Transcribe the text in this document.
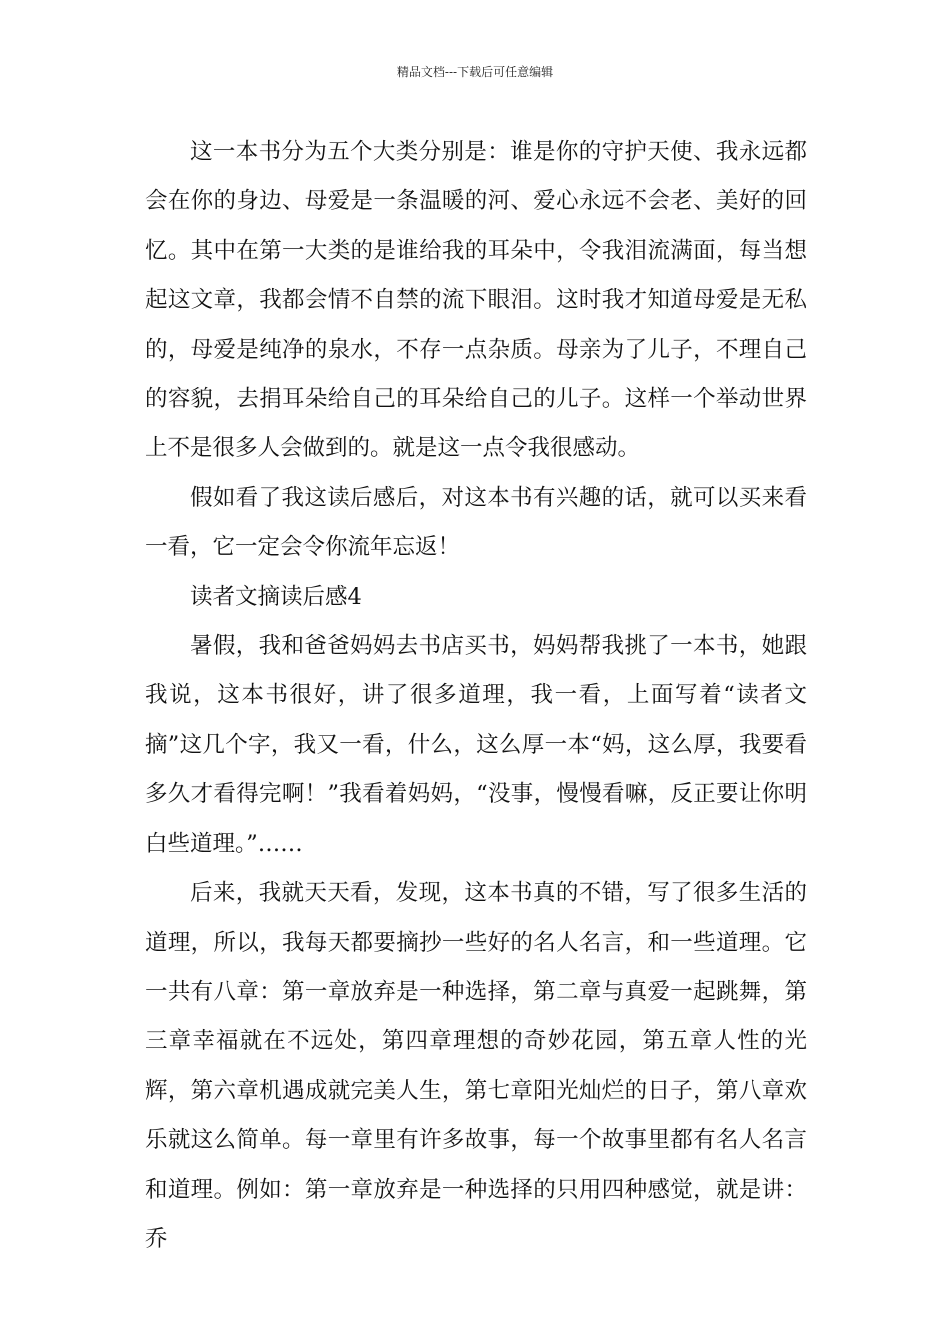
精品文档---下载后可任意编辑

这一本书分为五个大类分别是：谁是你的守护天使、我永远都会在你的身边、母爱是一条温暖的河、爱心永远不会老、美好的回忆。其中在第一大类的是谁给我的耳朵中，令我泪流满面，每当想起这文章，我都会情不自禁的流下眼泪。这时我才知道母爱是无私的，母爱是纯净的泉水，不存一点杂质。母亲为了儿子，不理自己的容貌，去捐耳朵给自己的耳朵给自己的儿子。这样一个举动世界上不是很多人会做到的。就是这一点令我很感动。

假如看了我这读后感后，对这本书有兴趣的话，就可以买来看一看，它一定会令你流年忘返！

读者文摘读后感4

暑假，我和爸爸妈妈去书店买书，妈妈帮我挑了一本书，她跟我说，这本书很好，讲了很多道理，我一看，上面写着“读者文摘”这几个字，我又一看，什么，这么厚一本“妈，这么厚，我要看多久才看得完啊！”我看着妈妈，“没事，慢慢看嘛，反正要让你明白些道理。”……

后来，我就天天看，发现，这本书真的不错，写了很多生活的道理，所以，我每天都要摘抄一些好的名人名言，和一些道理。它一共有八章：第一章放弃是一种选择，第二章与真爱一起跳舞，第三章幸福就在不远处，第四章理想的奇妙花园，第五章人性的光辉，第六章机遇成就完美人生，第七章阳光灿烂的日子，第八章欢乐就这么简单。每一章里有许多故事，每一个故事里都有名人名言和道理。例如：第一章放弃是一种选择的只用四种感觉，就是讲：乔
